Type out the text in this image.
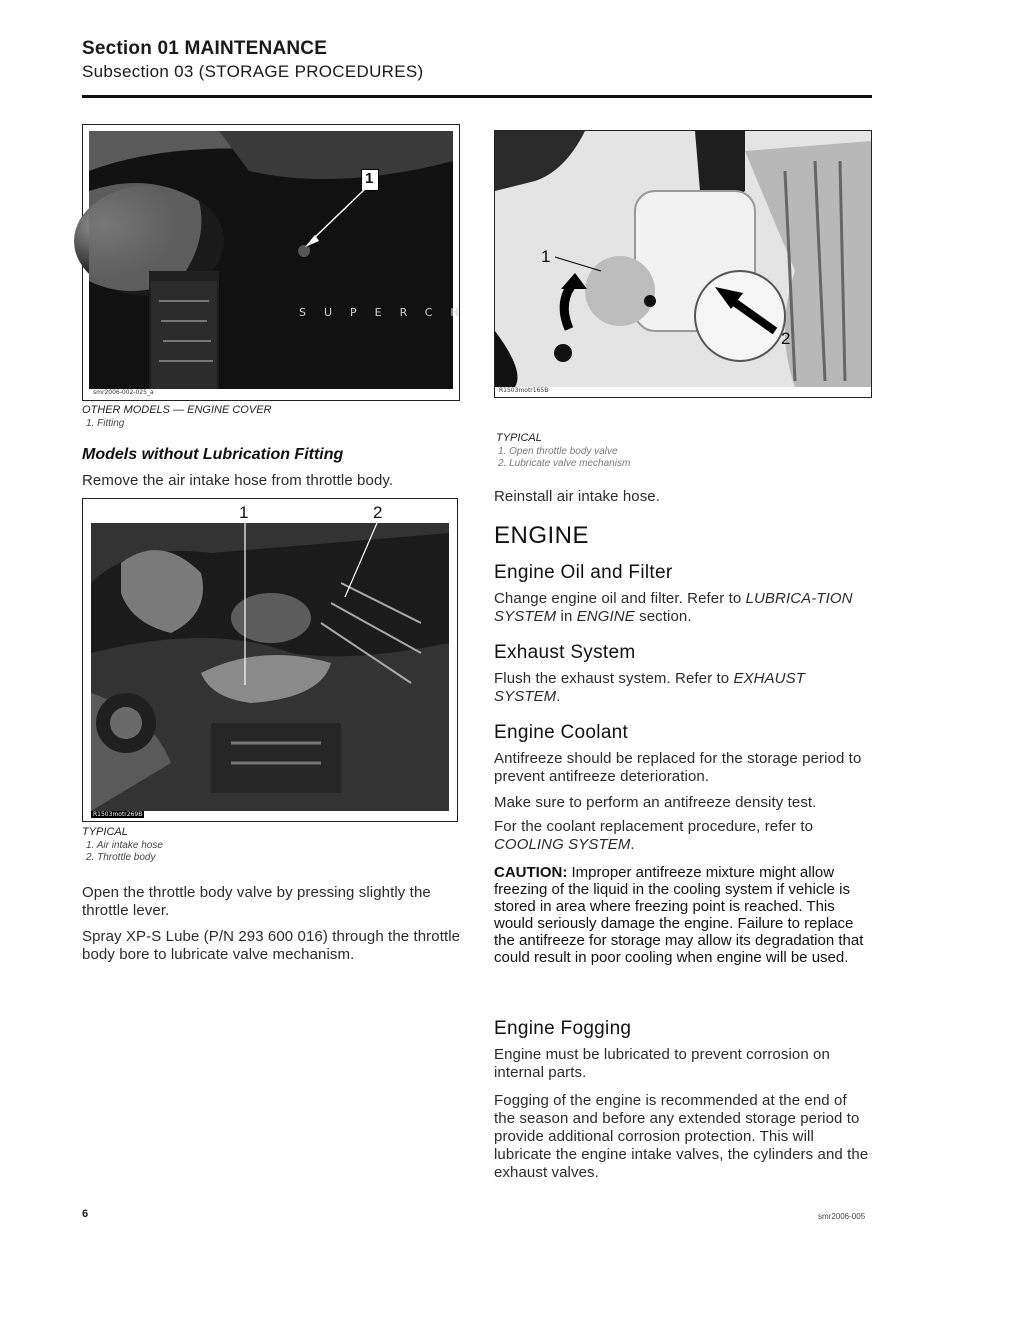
Section 01 MAINTENANCE
Subsection 03 (STORAGE PROCEDURES)
SUPERCH
1
smr2006-002-025_a
OTHER MODELS — ENGINE COVER
1. Fitting
Models without Lubrication Fitting
Remove the air intake hose from throttle body.
1	2
R1503motr269B
TYPICAL
1. Air intake hose
2. Throttle body
Open the throttle body valve by pressing slightly the throttle lever.
Spray XP-S Lube (P/N 293 600 016) through the throttle body bore to lubricate valve mechanism.
1
2
R1503motr165B
TYPICAL
1. Open throttle body valve
2. Lubricate valve mechanism
Reinstall air intake hose.
ENGINE
Engine Oil and Filter
Change engine oil and filter. Refer to LUBRICA-TION SYSTEM in ENGINE section.
Exhaust System
Flush the exhaust system. Refer to EXHAUST SYSTEM.
Engine Coolant
Antifreeze should be replaced for the storage period to prevent antifreeze deterioration.
Make sure to perform an antifreeze density test.
For the coolant replacement procedure, refer to COOLING SYSTEM.
CAUTION: Improper antifreeze mixture might allow freezing of the liquid in the cooling system if vehicle is stored in area where freezing point is reached. This would seriously damage the engine. Failure to replace the antifreeze for storage may allow its degradation that could result in poor cooling when engine will be used.
Engine Fogging
Engine must be lubricated to prevent corrosion on internal parts.
Fogging of the engine is recommended at the end of the season and before any extended storage period to provide additional corrosion protection. This will lubricate the engine intake valves, the cylinders and the exhaust valves.
6	smr2006-005
